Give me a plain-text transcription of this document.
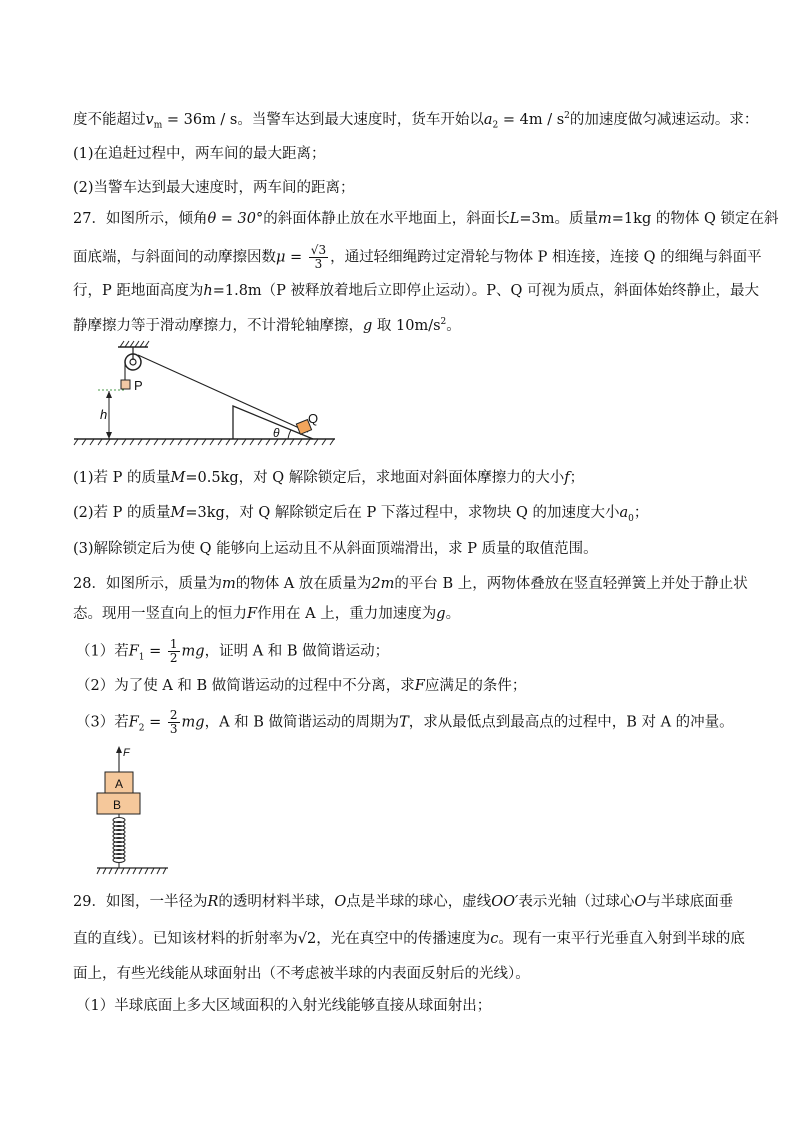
度不能超过$v_m = 36m / s$。当警车达到最大速度时，货车开始以$a_2 = 4m / s^2$的加速度做匀减速运动。求：
(1)在追赶过程中，两车间的最大距离；
(2)当警车达到最大速度时，两车间的距离；
27．如图所示，倾角θ = 30°的斜面体静止放在水平地面上，斜面长L=3m。质量m=1kg 的物体 Q 锁定在斜
面底端，与斜面间的动摩擦因数$\mu = \frac{√3}{3}$ ，通过轻细绳跨过定滑轮与物体 P 相连接，连接 Q 的细绳与斜面平
行，P 距地面高度为h=1.8m（P 被释放着地后立即停止运动）。P、Q 可视为质点，斜面体始终静止，最大
静摩擦力等于滑动摩擦力，不计滑轮轴摩擦，g 取 $10m/s^2$。
P
h
θ
Q
(1)若 P 的质量M=0.5kg，对 Q 解除锁定后，求地面对斜面体摩擦力的大小f；
(2)若 P 的质量M=3kg，对 Q 解除锁定后在 P 下落过程中，求物块 Q 的加速度大小$a_0$；
(3)解除锁定后为使 Q 能够向上运动且不从斜面顶端滑出，求 P 质量的取值范围。
28．如图所示，质量为m的物体 A 放在质量为2m的平台 B 上，两物体叠放在竖直轻弹簧上并处于静止状
态。现用一竖直向上的恒力F作用在 A 上，重力加速度为g。
（1）若$F_1 = \frac{1}{2}$ mg，证明 A 和 B 做简谐运动；
（2）为了使 A 和 B 做简谐运动的过程中不分离，求F应满足的条件；
（3）若$F_2 = \frac{2}{3}$ mg，A 和 B 做简谐运动的周期为T，求从最低点到最高点的过程中，B 对 A 的冲量。
F
A
B
29．如图，一半径为R的透明材料半球，O点是半球的球心，虚线OO′表示光轴（过球心O与半球底面垂
直的直线）。已知该材料的折射率为√2，光在真空中的传播速度为c。现有一束平行光垂直入射到半球的底
面上，有些光线能从球面射出（不考虑被半球的内表面反射后的光线）。
（1）半球底面上多大区域面积的入射光线能够直接从球面射出；
